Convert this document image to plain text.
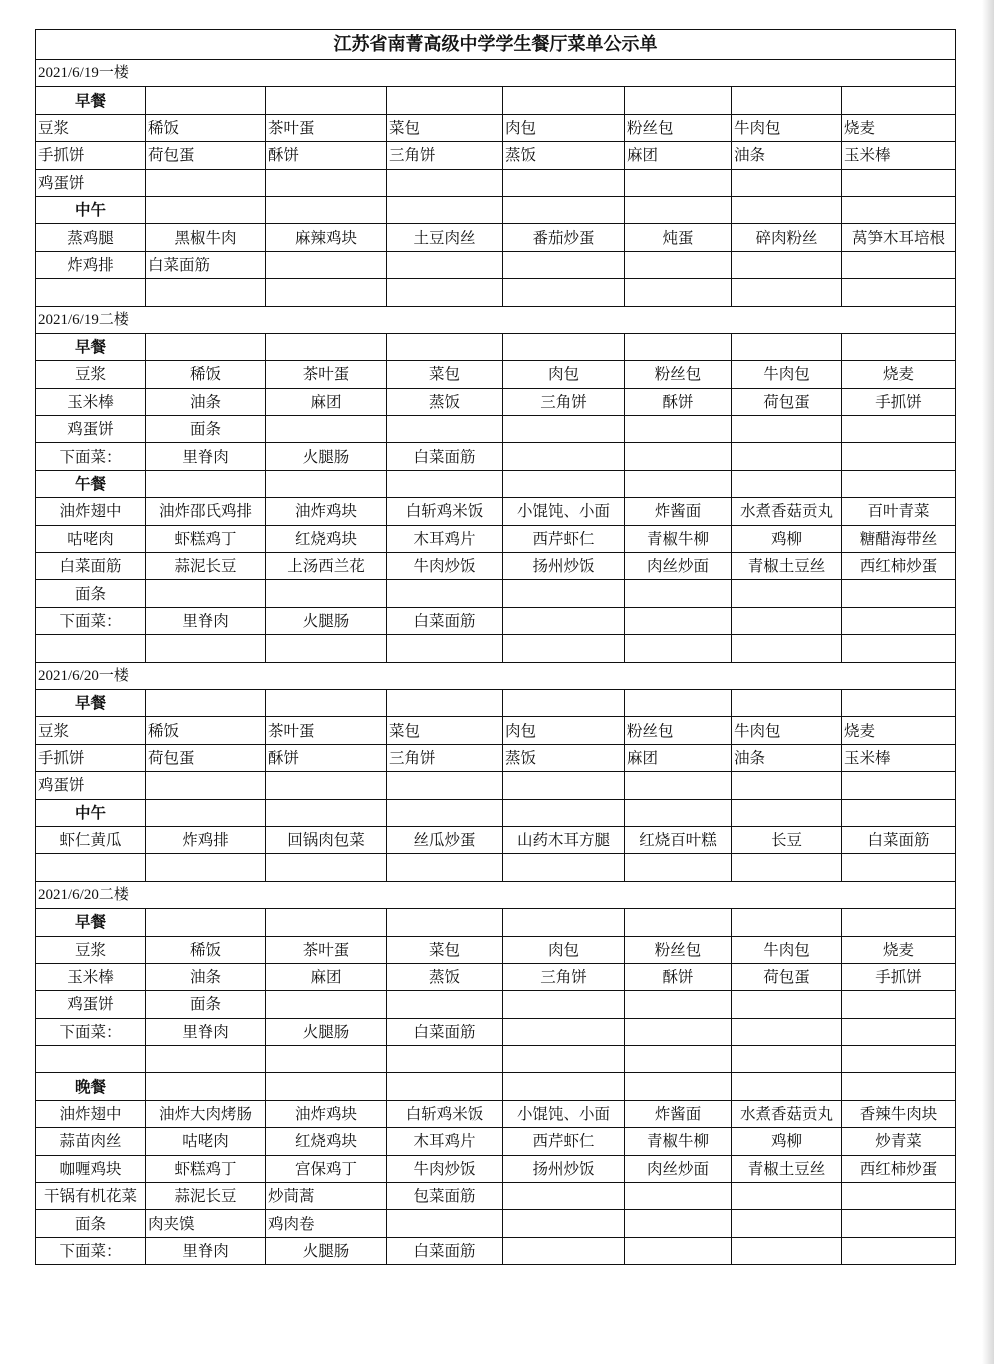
江苏省南菁高级中学学生餐厅菜单公示单							
2021/6/19一楼							
早餐							
豆浆	稀饭	茶叶蛋	菜包	肉包	粉丝包	牛肉包	烧麦
手抓饼	荷包蛋	酥饼	三角饼	蒸饭	麻团	油条	玉米棒
鸡蛋饼							
中午							
蒸鸡腿	黑椒牛肉	麻辣鸡块	土豆肉丝	番茄炒蛋	炖蛋	碎肉粉丝	莴笋木耳培根
炸鸡排	白菜面筋						

2021/6/19二楼							
早餐							
豆浆	稀饭	茶叶蛋	菜包	肉包	粉丝包	牛肉包	烧麦
玉米棒	油条	麻团	蒸饭	三角饼	酥饼	荷包蛋	手抓饼
鸡蛋饼	面条						
下面菜：	里脊肉	火腿肠	白菜面筋				
午餐							
油炸翅中	油炸邵氏鸡排	油炸鸡块	白斩鸡米饭	小馄饨、小面	炸酱面	水煮香菇贡丸	百叶青菜
咕咾肉	虾糕鸡丁	红烧鸡块	木耳鸡片	西芹虾仁	青椒牛柳	鸡柳	糖醋海带丝
白菜面筋	蒜泥长豆	上汤西兰花	牛肉炒饭	扬州炒饭	肉丝炒面	青椒土豆丝	西红柿炒蛋
面条							
下面菜：	里脊肉	火腿肠	白菜面筋				

2021/6/20一楼							
早餐							
豆浆	稀饭	茶叶蛋	菜包	肉包	粉丝包	牛肉包	烧麦
手抓饼	荷包蛋	酥饼	三角饼	蒸饭	麻团	油条	玉米棒
鸡蛋饼							
中午							
虾仁黄瓜	炸鸡排	回锅肉包菜	丝瓜炒蛋	山药木耳方腿	红烧百叶糕	长豆	白菜面筋

2021/6/20二楼							
早餐							
豆浆	稀饭	茶叶蛋	菜包	肉包	粉丝包	牛肉包	烧麦
玉米棒	油条	麻团	蒸饭	三角饼	酥饼	荷包蛋	手抓饼
鸡蛋饼	面条						
下面菜：	里脊肉	火腿肠	白菜面筋				

晚餐							
油炸翅中	油炸大肉烤肠	油炸鸡块	白斩鸡米饭	小馄饨、小面	炸酱面	水煮香菇贡丸	香辣牛肉块
蒜苗肉丝	咕咾肉	红烧鸡块	木耳鸡片	西芹虾仁	青椒牛柳	鸡柳	炒青菜
咖喱鸡块	虾糕鸡丁	宫保鸡丁	牛肉炒饭	扬州炒饭	肉丝炒面	青椒土豆丝	西红柿炒蛋
干锅有机花菜	蒜泥长豆	炒茼蒿	包菜面筋				
面条	肉夹馍	鸡肉卷					
下面菜：	里脊肉	火腿肠	白菜面筋				
